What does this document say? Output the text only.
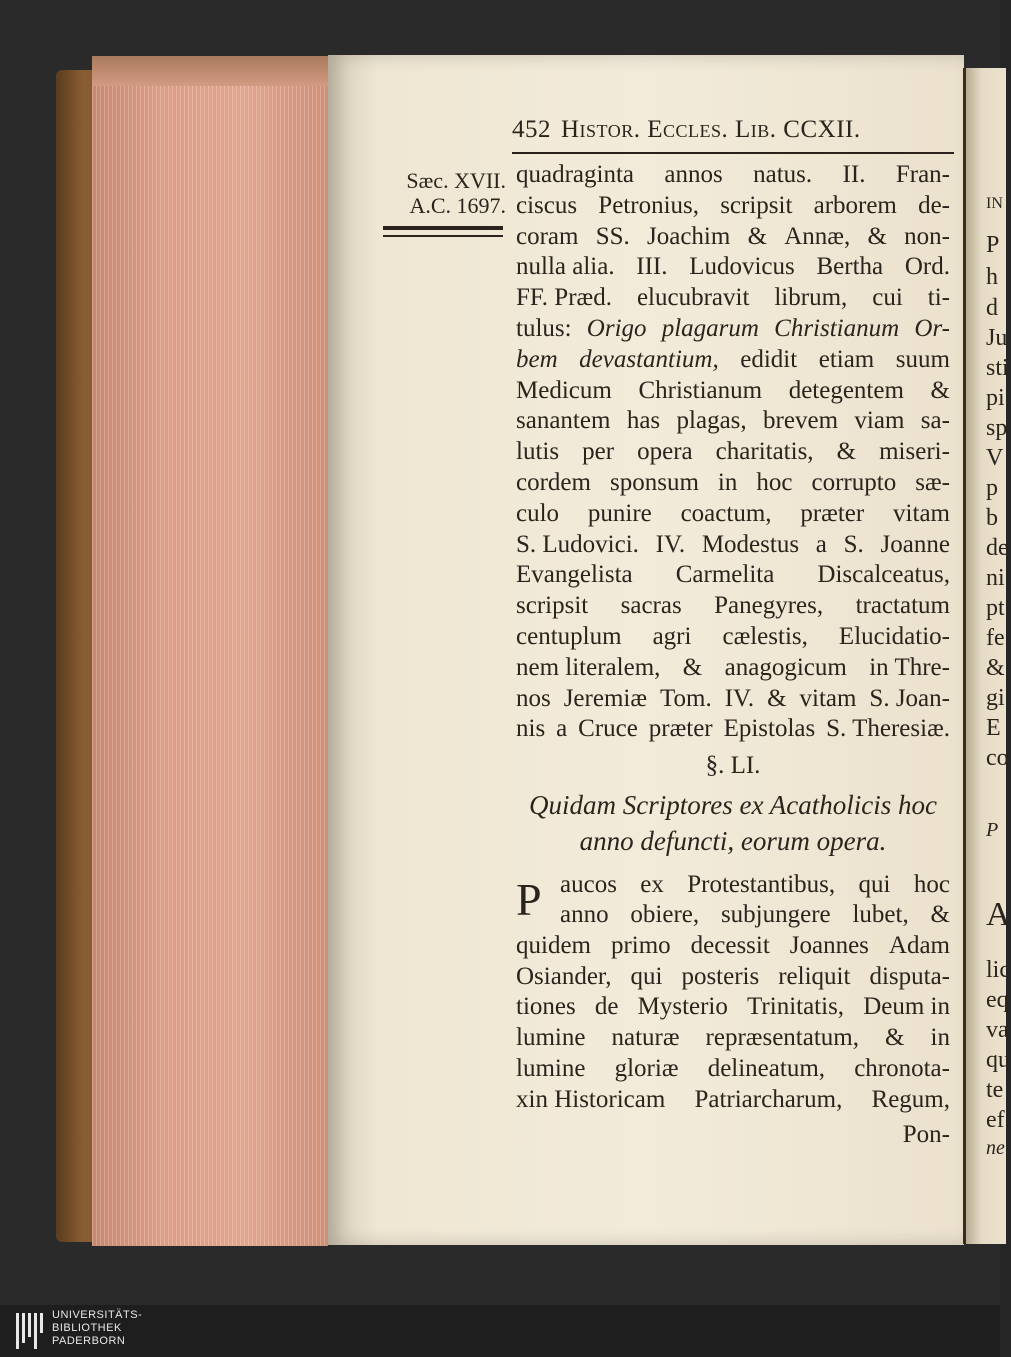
IN
P
h
d
Ju
sti
pi
sp
V
p
b
de
ni
pt
fe
&
gi
E
co
P
A
lic
eq
va
qu
te
ef
ne
452 Histor. Eccles. Lib. CCXII.
Sæc. XVII.
A.C. 1697.
quadraginta annos natus. II. Fran-
ciscus Petronius, scripsit arborem de-
coram SS. Joachim & Annæ, & non-
nulla alia. III. Ludovicus Bertha Ord.
FF. Præd. elucubravit librum, cui ti-
tulus: Origo plagarum Christianum Or-
bem devastantium, edidit etiam suum
Medicum Christianum detegentem &
sanantem has plagas, brevem viam sa-
lutis per opera charitatis, & miseri-
cordem sponsum in hoc corrupto sæ-
culo punire coactum, præter vitam
S. Ludovici. IV. Modestus a S. Joanne
Evangelista Carmelita Discalceatus,
scripsit sacras Panegyres, tractatum
centuplum agri cælestis, Elucidatio-
nem literalem, & anagogicum in Thre-
nos Jeremiæ Tom. IV. & vitam S. Joan-
nis a Cruce præter Epistolas S. Theresiæ.
§. LI.
Quidam Scriptores ex Acatholicis hoc
anno defuncti, eorum opera.
P aucos ex Protestantibus, qui hoc
anno obiere, subjungere lubet, &
quidem primo decessit Joannes Adam
Osiander, qui posteris reliquit disputa-
tiones de Mysterio Trinitatis, Deum in
lumine naturæ repræsentatum, & in
lumine gloriæ delineatum, chronota-
xin Historicam Patriarcharum, Regum,
Pon-
UNIVERSITÄTS-
BIBLIOTHEK
PADERBORN
